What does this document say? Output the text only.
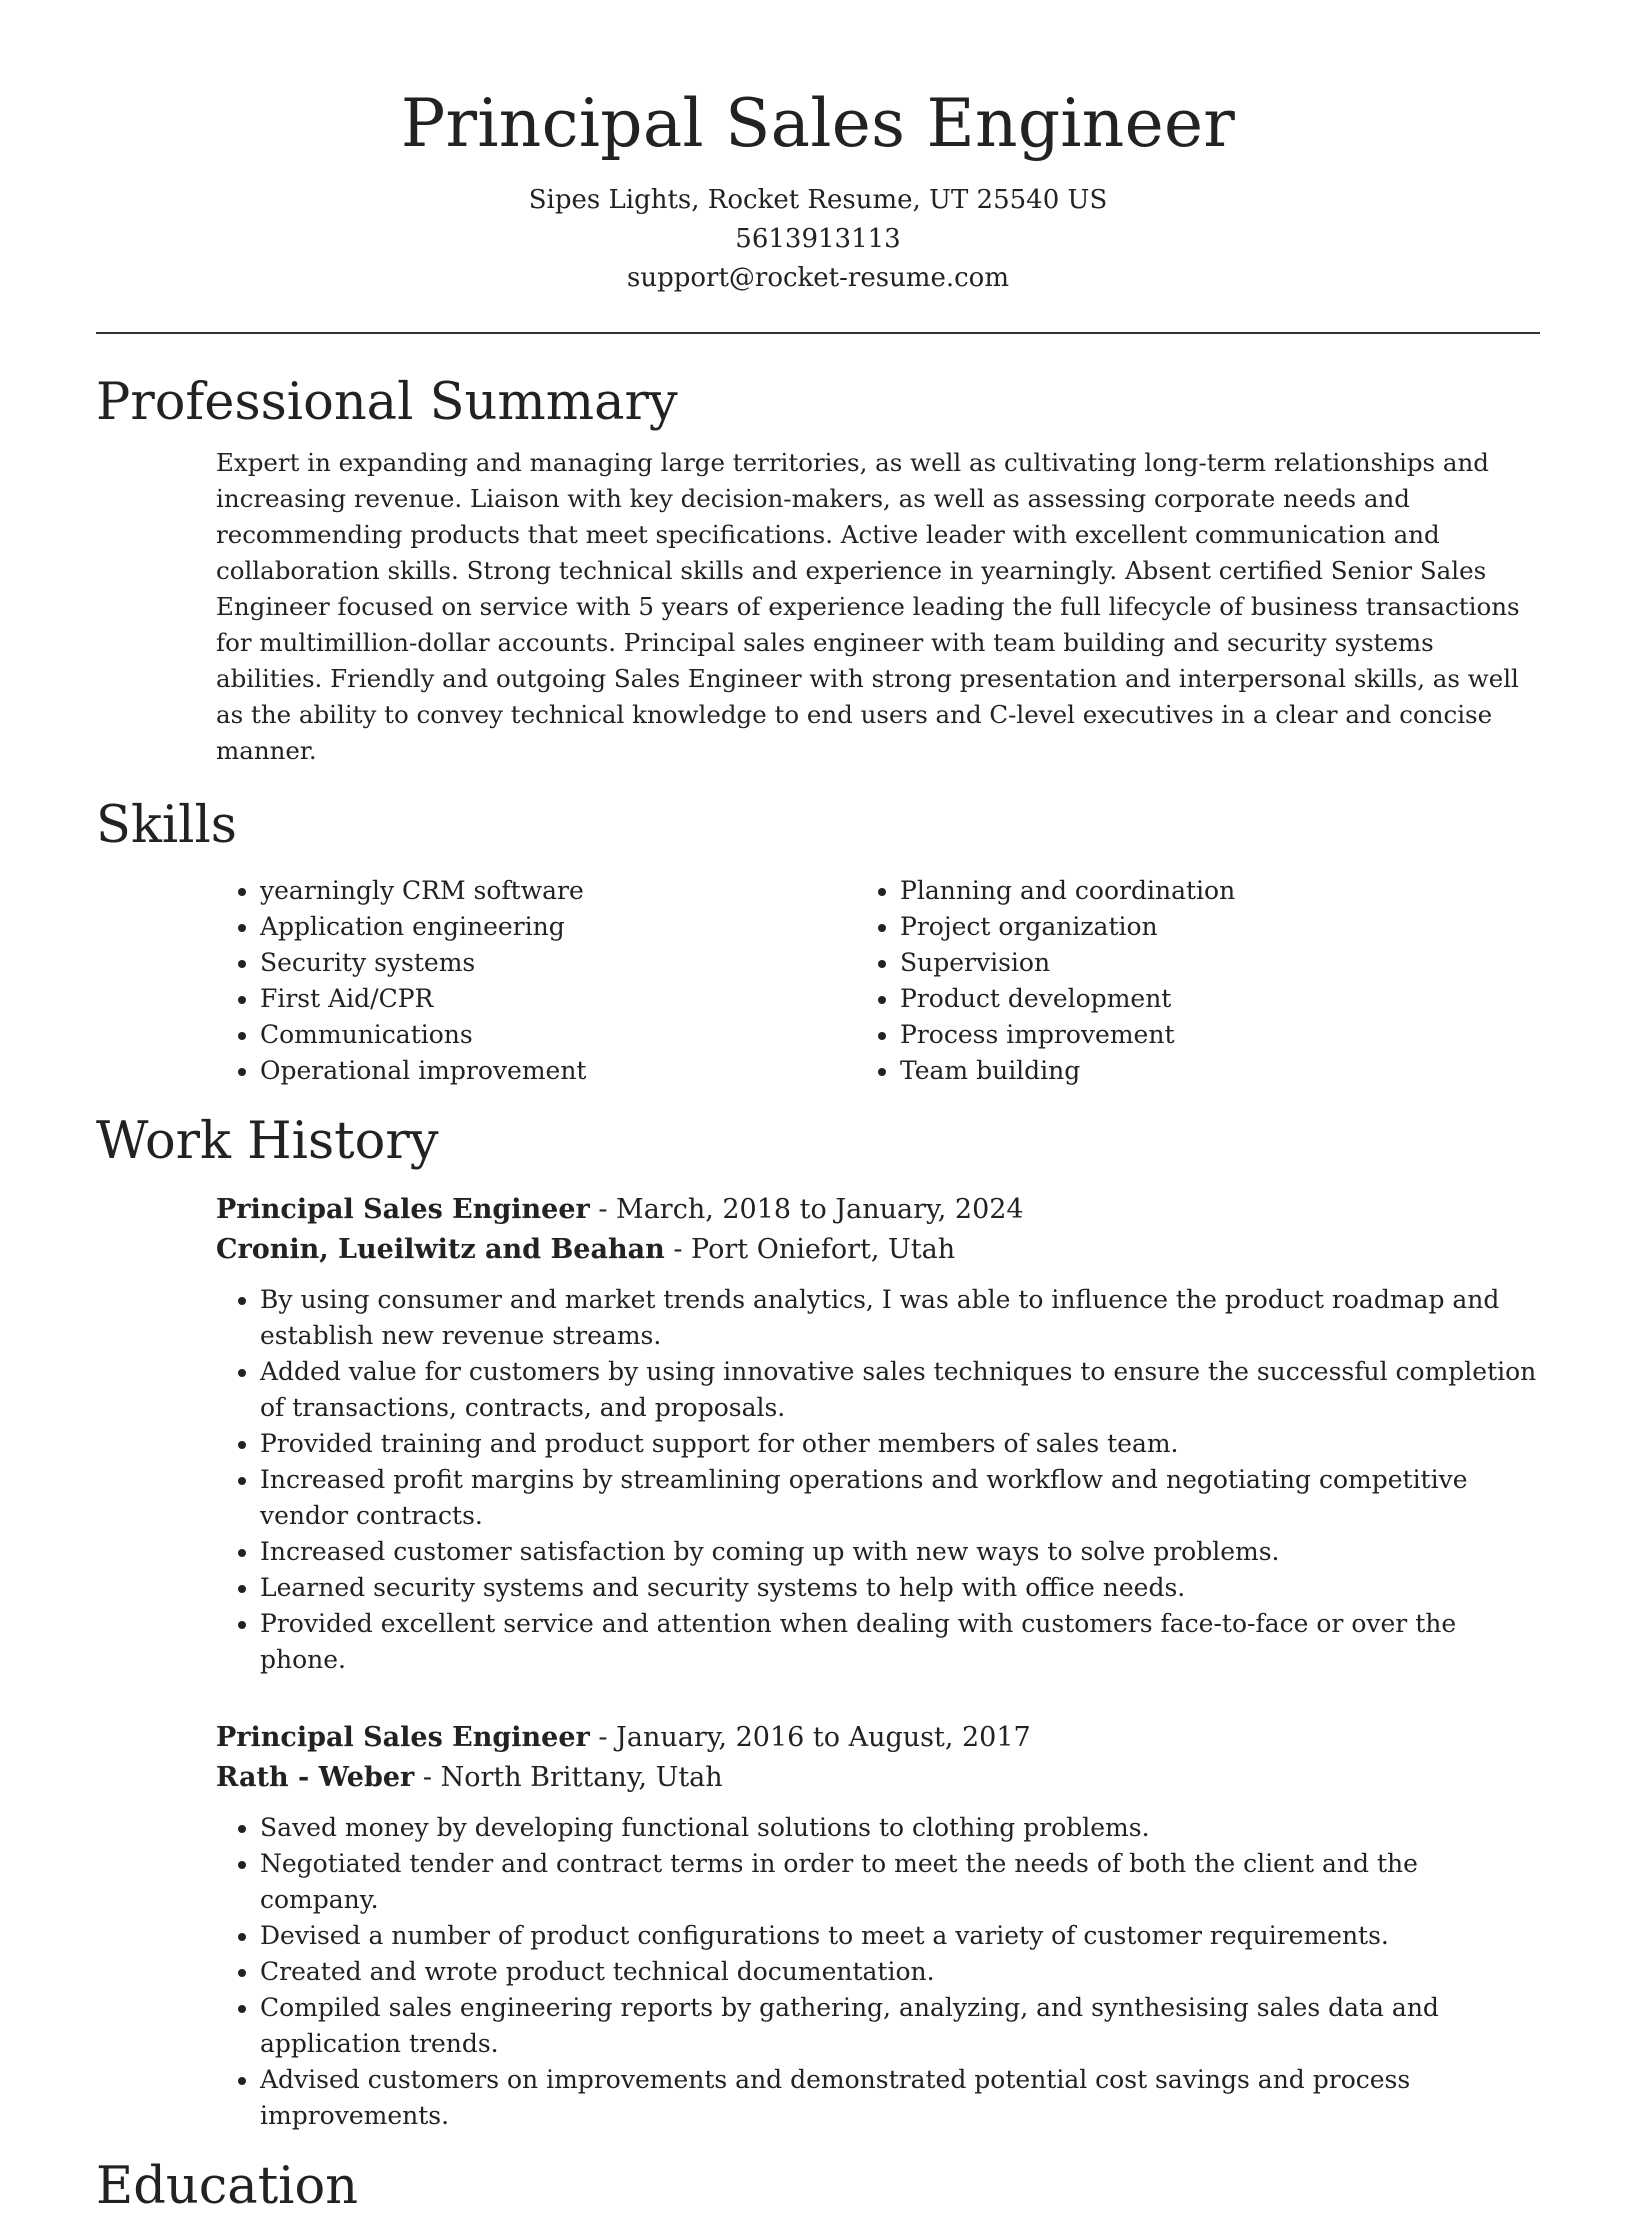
Principal Sales Engineer
Sipes Lights, Rocket Resume, UT 25540 US
5613913113
support@rocket-resume.com
Professional Summary

Expert in expanding and managing large territories, as well as cultivating long-term relationships and increasing revenue. Liaison with key decision-makers, as well as assessing corporate needs and recommending products that meet specifications. Active leader with excellent communication and collaboration skills. Strong technical skills and experience in yearningly. Absent certified Senior Sales Engineer focused on service with 5 years of experience leading the full lifecycle of business transactions for multimillion-dollar accounts. Principal sales engineer with team building and security systems abilities. Friendly and outgoing Sales Engineer with strong presentation and interpersonal skills, as well as the ability to convey technical knowledge to end users and C-level executives in a clear and concise manner.

Skills
• yearningly CRM software
• Application engineering
• Security systems
• First Aid/CPR
• Communications
• Operational improvement
• Planning and coordination
• Project organization
• Supervision
• Product development
• Process improvement
• Team building
Work History
Principal Sales Engineer - March, 2018 to January, 2024
Cronin, Lueilwitz and Beahan - Port Oniefort, Utah
• By using consumer and market trends analytics, I was able to influence the product roadmap and establish new revenue streams.
• Added value for customers by using innovative sales techniques to ensure the successful completion of transactions, contracts, and proposals.
• Provided training and product support for other members of sales team.
• Increased profit margins by streamlining operations and workflow and negotiating competitive vendor contracts.
• Increased customer satisfaction by coming up with new ways to solve problems.
• Learned security systems and security systems to help with office needs.
• Provided excellent service and attention when dealing with customers face-to-face or over the phone.
Principal Sales Engineer - January, 2016 to August, 2017
Rath - Weber - North Brittany, Utah
• Saved money by developing functional solutions to clothing problems.
• Negotiated tender and contract terms in order to meet the needs of both the client and the company.
• Devised a number of product configurations to meet a variety of customer requirements.
• Created and wrote product technical documentation.
• Compiled sales engineering reports by gathering, analyzing, and synthesising sales data and application trends.
• Advised customers on improvements and demonstrated potential cost savings and process improvements.
Education
